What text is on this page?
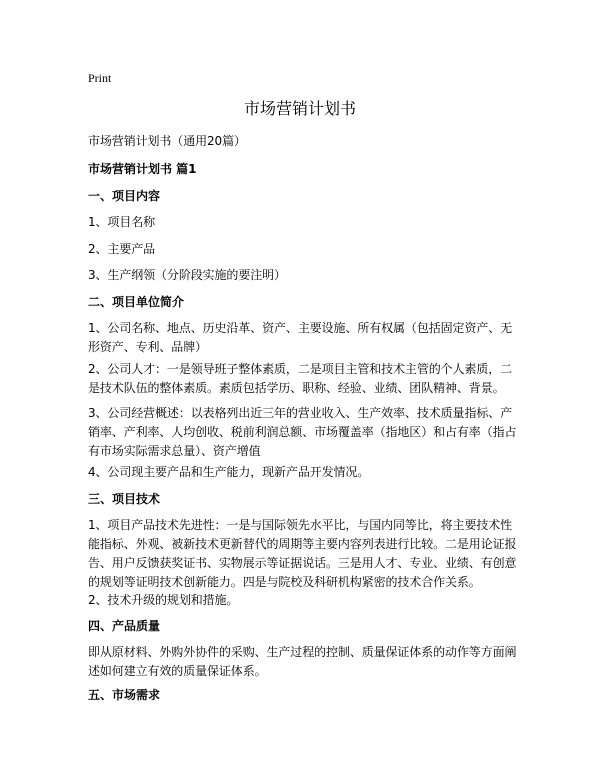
Print
市场营销计划书
市场营销计划书（通用20篇）
市场营销计划书 篇1
一、项目内容
1、项目名称
2、主要产品
3、生产纲领（分阶段实施的要注明）
二、项目单位简介
1、公司名称、地点、历史沿革、资产、主要设施、所有权属（包括固定资产、无形资产、专利、品牌）
2、公司人才：一是领导班子整体素质，二是项目主管和技术主管的个人素质，二是技术队伍的整体素质。素质包括学历、职称、经验、业绩、团队精神、背景。
3、公司经营概述：以表格列出近三年的营业收入、生产效率、技术质量指标、产销率、产利率、人均创收、税前利润总额、市场覆盖率（指地区）和占有率（指占有市场实际需求总量）、资产增值
4、公司现主要产品和生产能力，现新产品开发情况。
三、项目技术
1、项目产品技术先进性：一是与国际领先水平比，与国内同等比，将主要技术性能指标、外观、被新技术更新替代的周期等主要内容列表进行比较。二是用论证报告、用户反馈获奖证书、实物展示等证据说话。三是用人才、专业、业绩、有创意的规划等证明技术创新能力。四是与院校及科研机构紧密的技术合作关系。
2、技术升级的规划和措施。
四、产品质量
即从原材料、外购外协件的采购、生产过程的控制、质量保证体系的动作等方面阐述如何建立有效的质量保证体系。
五、市场需求
